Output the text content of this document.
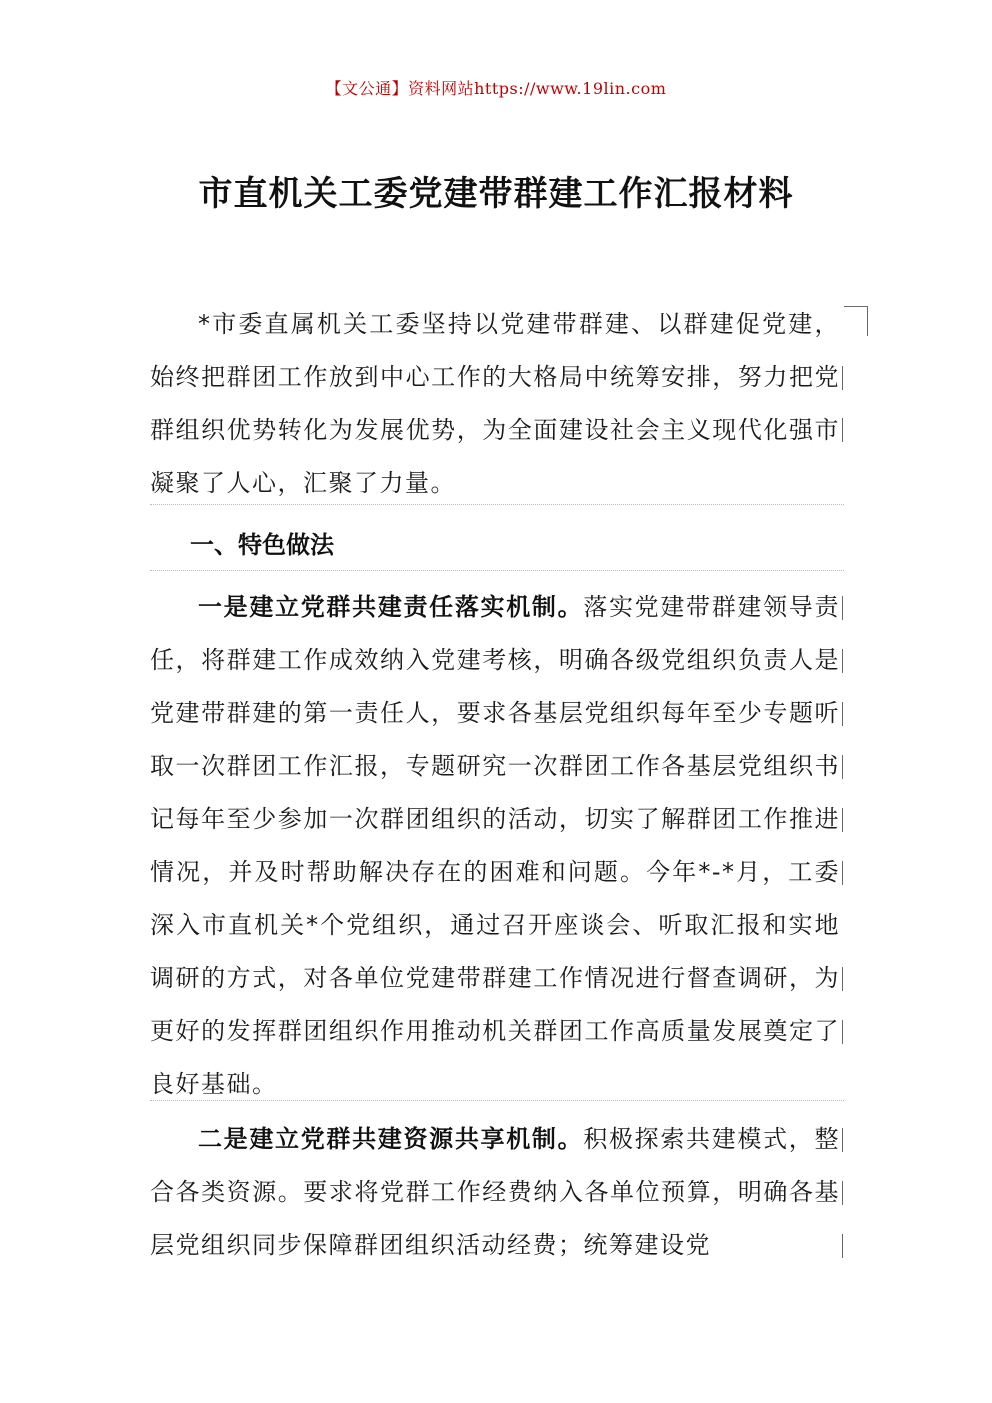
【文公通】资料网站https://www.19lin.com
市直机关工委党建带群建工作汇报材料
*市委直属机关工委坚持以党建带群建、以群建促党建，始终把群团工作放到中心工作的大格局中统筹安排，努力把党群组织优势转化为发展优势，为全面建设社会主义现代化强市凝聚了人心，汇聚了力量。
一、特色做法
一是建立党群共建责任落实机制。落实党建带群建领导责任，将群建工作成效纳入党建考核，明确各级党组织负责人是党建带群建的第一责任人，要求各基层党组织每年至少专题听取一次群团工作汇报，专题研究一次群团工作各基层党组织书记每年至少参加一次群团组织的活动，切实了解群团工作推进情况，并及时帮助解决存在的困难和问题。今年*-*月，工委深入市直机关*个党组织，通过召开座谈会、听取汇报和实地调研的方式，对各单位党建带群建工作情况进行督查调研，为更好的发挥群团组织作用推动机关群团工作高质量发展奠定了良好基础。
二是建立党群共建资源共享机制。积极探索共建模式，整合各类资源。要求将党群工作经费纳入各单位预算，明确各基层党组织同步保障群团组织活动经费；统筹建设党
